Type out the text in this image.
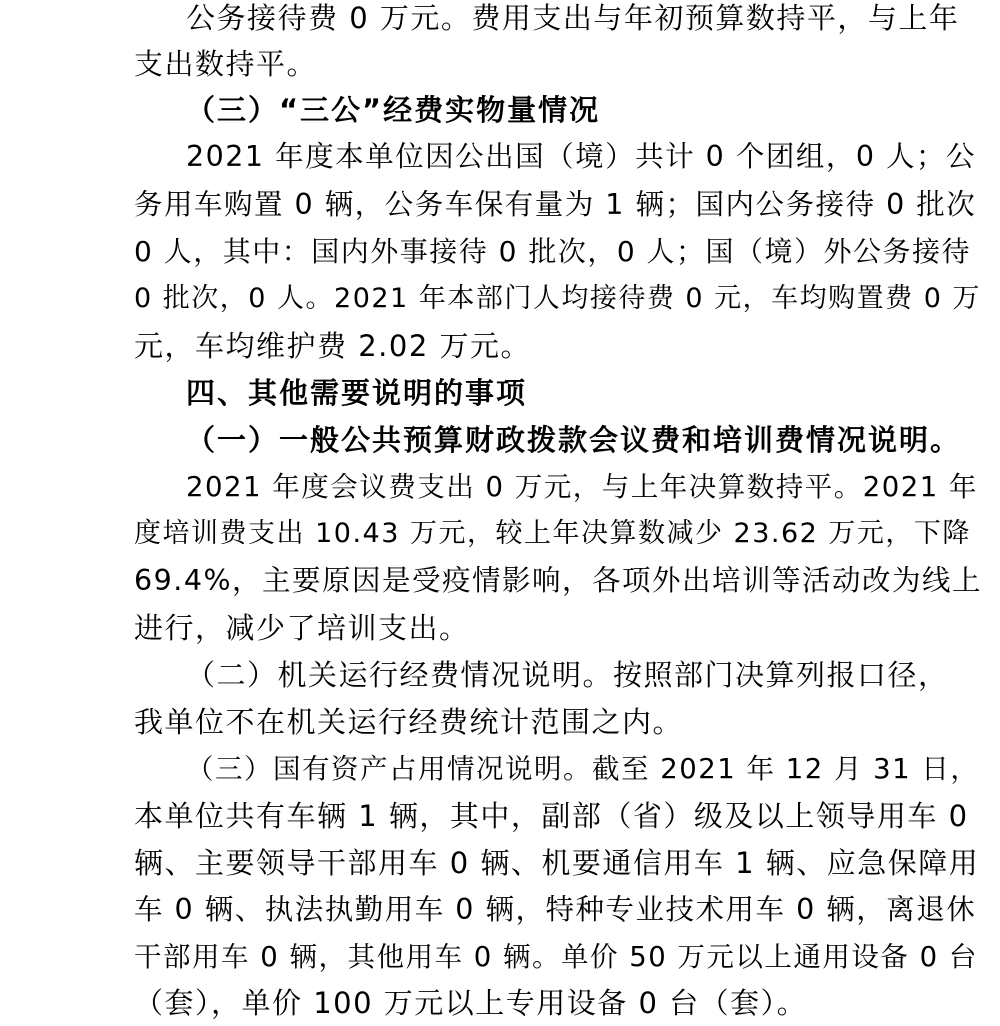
公务接待费 0 万元。费用支出与年初预算数持平，与上年
支出数持平。
（三）“三公”经费实物量情况
2021 年度本单位因公出国（境）共计 0 个团组，0 人；公
务用车购置 0 辆，公务车保有量为 1 辆；国内公务接待 0 批次
0 人，其中：国内外事接待 0 批次，0 人；国（境）外公务接待
0 批次，0 人。2021 年本部门人均接待费 0 元，车均购置费 0 万
元，车均维护费 2.02 万元。
四、其他需要说明的事项
（一）一般公共预算财政拨款会议费和培训费情况说明。
2021 年度会议费支出 0 万元，与上年决算数持平。2021 年
度培训费支出 10.43 万元，较上年决算数减少 23.62 万元，下降
69.4%，主要原因是受疫情影响，各项外出培训等活动改为线上
进行，减少了培训支出。
（二）机关运行经费情况说明。按照部门决算列报口径，
我单位不在机关运行经费统计范围之内。
（三）国有资产占用情况说明。截至 2021 年 12 月 31 日，
本单位共有车辆 1 辆，其中，副部（省）级及以上领导用车 0
辆、主要领导干部用车 0 辆、机要通信用车 1 辆、应急保障用
车 0 辆、执法执勤用车 0 辆，特种专业技术用车 0 辆，离退休
干部用车 0 辆，其他用车 0 辆。单价 50 万元以上通用设备 0 台
（套），单价 100 万元以上专用设备 0 台（套）。
